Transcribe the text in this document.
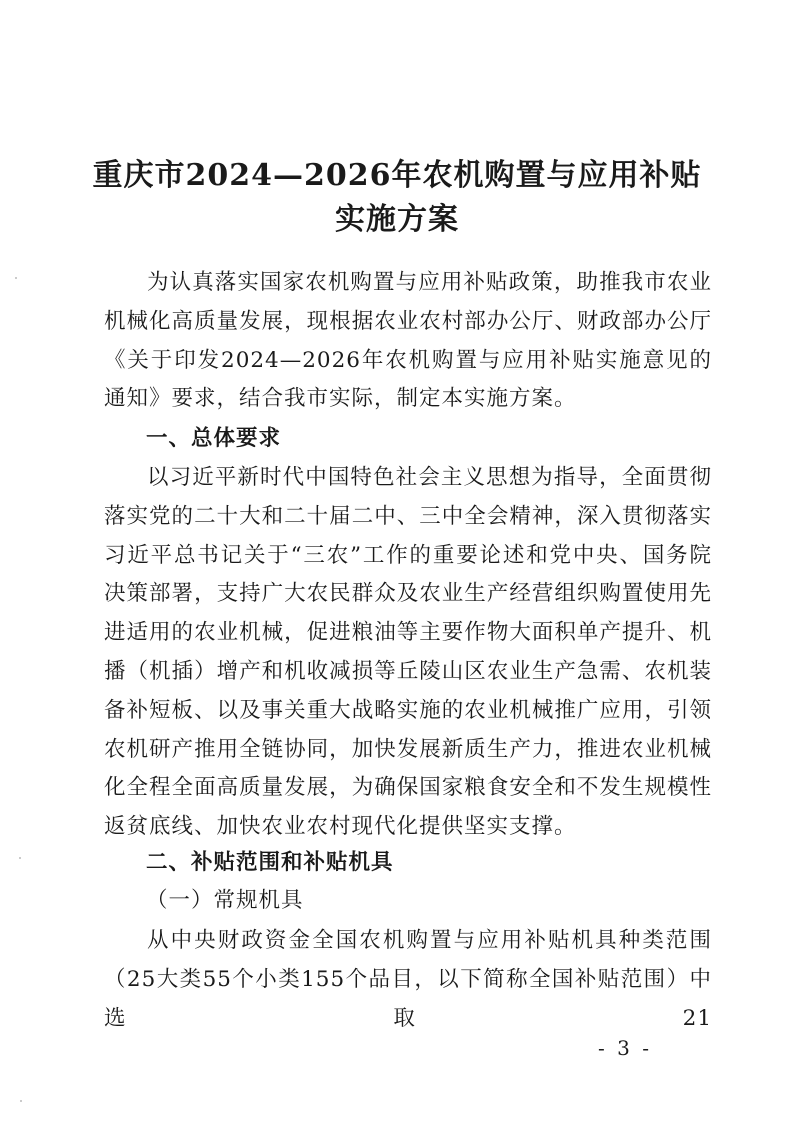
重庆市2024—2026年农机购置与应用补贴
实施方案
为认真落实国家农机购置与应用补贴政策，助推我市农业机械化高质量发展，现根据农业农村部办公厅、财政部办公厅《关于印发2024—2026年农机购置与应用补贴实施意见的通知》要求，结合我市实际，制定本实施方案。
一、总体要求
以习近平新时代中国特色社会主义思想为指导，全面贯彻落实党的二十大和二十届二中、三中全会精神，深入贯彻落实习近平总书记关于“三农”工作的重要论述和党中央、国务院决策部署，支持广大农民群众及农业生产经营组织购置使用先进适用的农业机械，促进粮油等主要作物大面积单产提升、机播（机插）增产和机收减损等丘陵山区农业生产急需、农机装备补短板、以及事关重大战略实施的农业机械推广应用，引领农机研产推用全链协同，加快发展新质生产力，推进农业机械化全程全面高质量发展，为确保国家粮食安全和不发生规模性返贫底线、加快农业农村现代化提供坚实支撑。
二、补贴范围和补贴机具
（一）常规机具
从中央财政资金全国农机购置与应用补贴机具种类范围（25大类55个小类155个品目，以下简称全国补贴范围）中选取21
- 3 -
